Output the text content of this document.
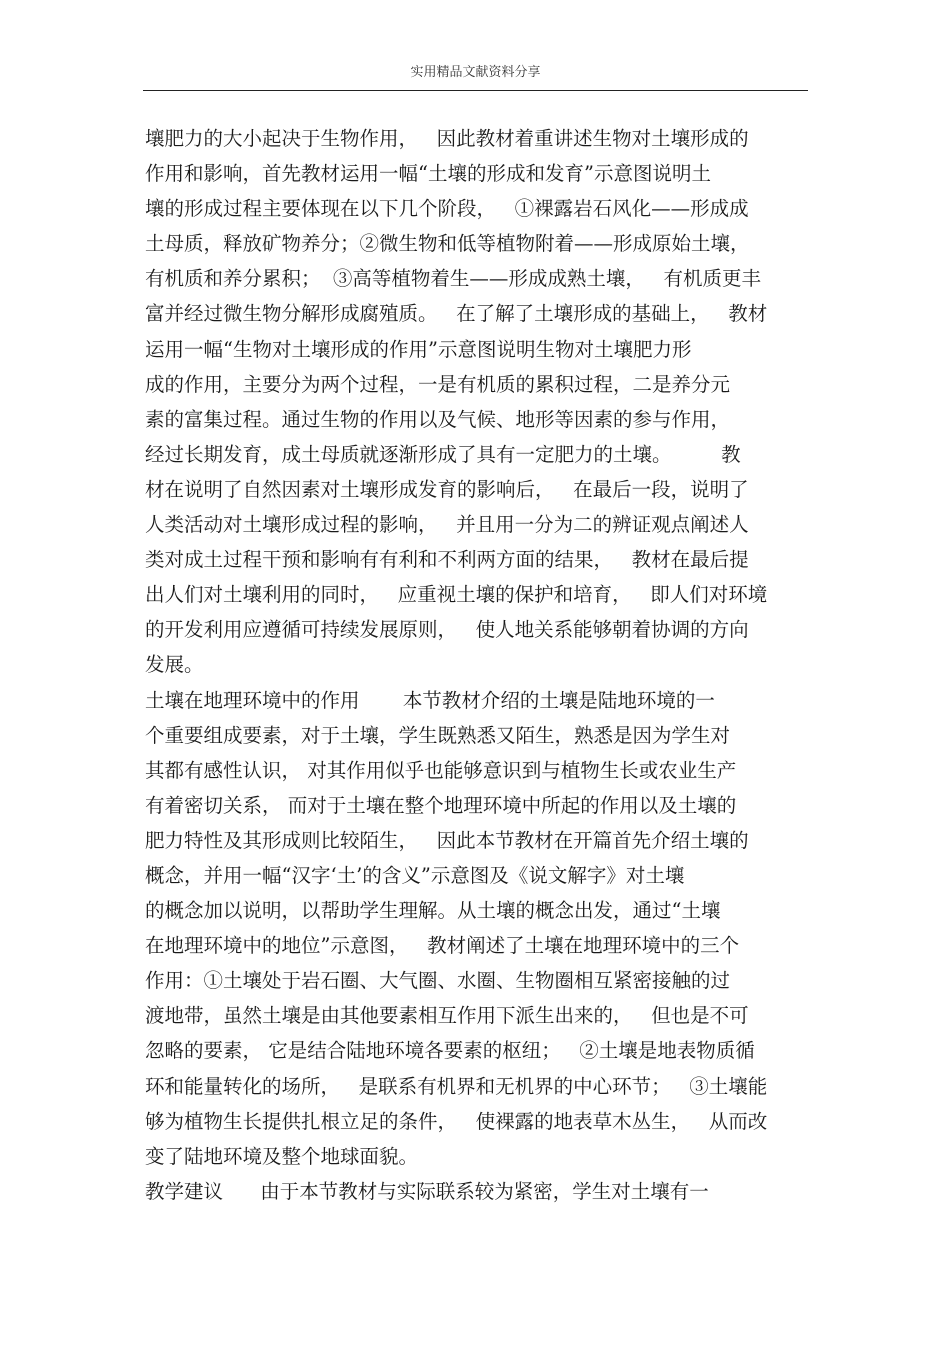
实用精品文献资料分享
壤肥力的大小起决于生物作用，   因此教材着重讲述生物对土壤形成的
作用和影响，首先教材运用一幅“土壤的形成和发育”示意图说明土
壤的形成过程主要体现在以下几个阶段，   ①裸露岩石风化——形成成
土母质，释放矿物养分；②微生物和低等植物附着——形成原始土壤，
有机质和养分累积；  ③高等植物着生——形成成熟土壤，   有机质更丰
富并经过微生物分解形成腐殖质。   在了解了土壤形成的基础上，   教材
运用一幅“生物对土壤形成的作用”示意图说明生物对土壤肥力形
成的作用，主要分为两个过程，一是有机质的累积过程，二是养分元
素的富集过程。通过生物的作用以及气候、地形等因素的参与作用，
经过长期发育，成土母质就逐渐形成了具有一定肥力的土壤。        教
材在说明了自然因素对土壤形成发育的影响后，   在最后一段，说明了
人类活动对土壤形成过程的影响，   并且用一分为二的辨证观点阐述人
类对成土过程干预和影响有有利和不利两方面的结果，   教材在最后提
出人们对土壤利用的同时，   应重视土壤的保护和培育，   即人们对环境
的开发利用应遵循可持续发展原则，   使人地关系能够朝着协调的方向
发展。
土壤在地理环境中的作用       本节教材介绍的土壤是陆地环境的一
个重要组成要素，对于土壤，学生既熟悉又陌生，熟悉是因为学生对
其都有感性认识， 对其作用似乎也能够意识到与植物生长或农业生产
有着密切关系， 而对于土壤在整个地理环境中所起的作用以及土壤的
肥力特性及其形成则比较陌生，   因此本节教材在开篇首先介绍土壤的
概念，并用一幅“汉字‘土’的含义”示意图及《说文解字》对土壤
的概念加以说明，以帮助学生理解。从土壤的概念出发，通过“土壤
在地理环境中的地位”示意图，   教材阐述了土壤在地理环境中的三个
作用：①土壤处于岩石圈、大气圈、水圈、生物圈相互紧密接触的过
渡地带，虽然土壤是由其他要素相互作用下派生出来的，   但也是不可
忽略的要素， 它是结合陆地环境各要素的枢纽；   ②土壤是地表物质循
环和能量转化的场所，   是联系有机界和无机界的中心环节；   ③土壤能
够为植物生长提供扎根立足的条件，   使裸露的地表草木丛生，   从而改
变了陆地环境及整个地球面貌。
教学建议      由于本节教材与实际联系较为紧密，学生对土壤有一
